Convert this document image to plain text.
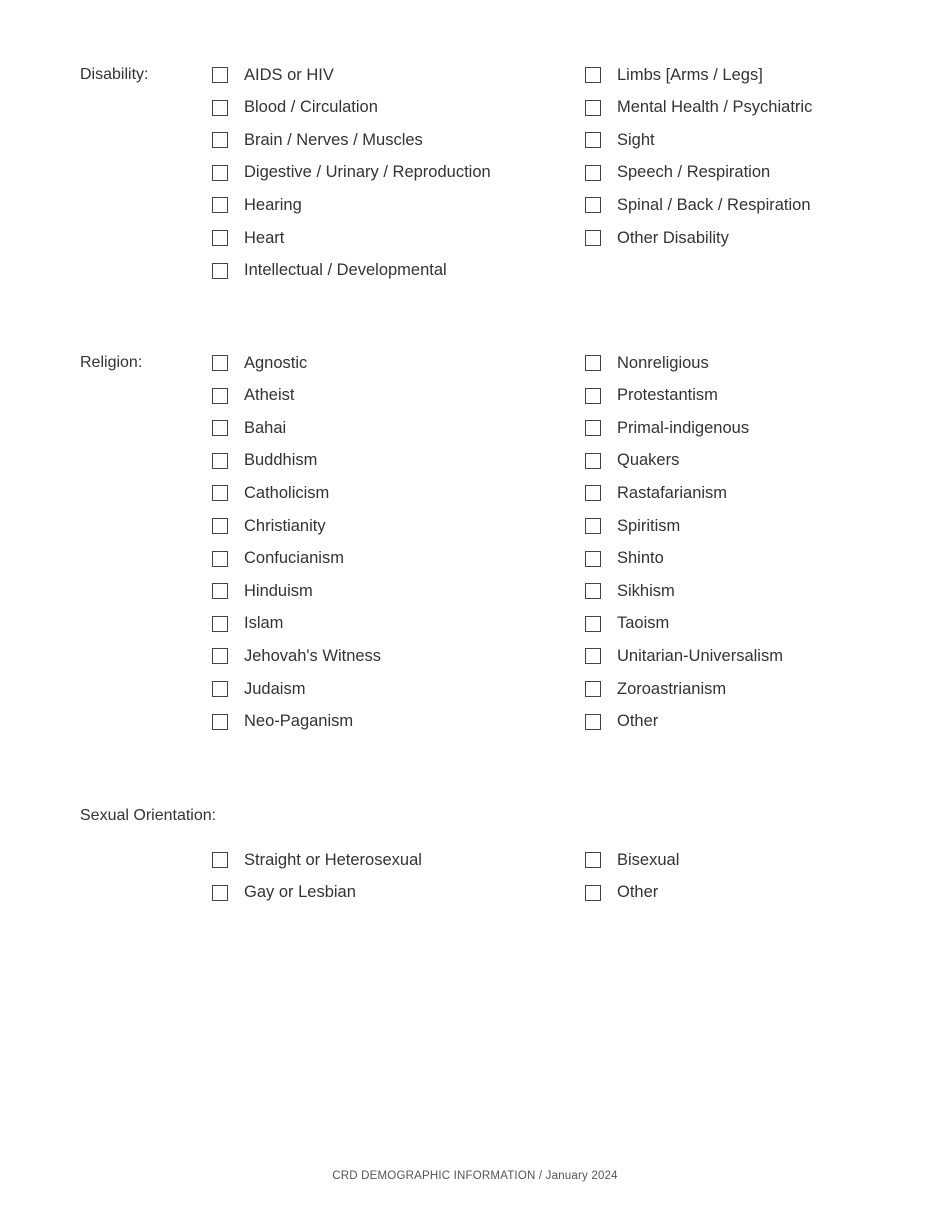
Disability:	AIDS or HIV
Blood / Circulation
Brain / Nerves / Muscles
Digestive / Urinary / Reproduction
Hearing
Heart
Intellectual / Developmental
Limbs [Arms / Legs]
Mental Health / Psychiatric
Sight
Speech / Respiration
Spinal / Back / Respiration
Other Disability
Religion:	Agnostic
Atheist
Bahai
Buddhism
Catholicism
Christianity
Confucianism
Hinduism
Islam
Jehovah's Witness
Judaism
Neo-Paganism
Nonreligious
Protestantism
Primal-indigenous
Quakers
Rastafarianism
Spiritism
Shinto
Sikhism
Taoism
Unitarian-Universalism
Zoroastrianism
Other
Sexual Orientation:
Straight or Heterosexual
Gay or Lesbian
Bisexual
Other
CRD DEMOGRAPHIC INFORMATION / January 2024
